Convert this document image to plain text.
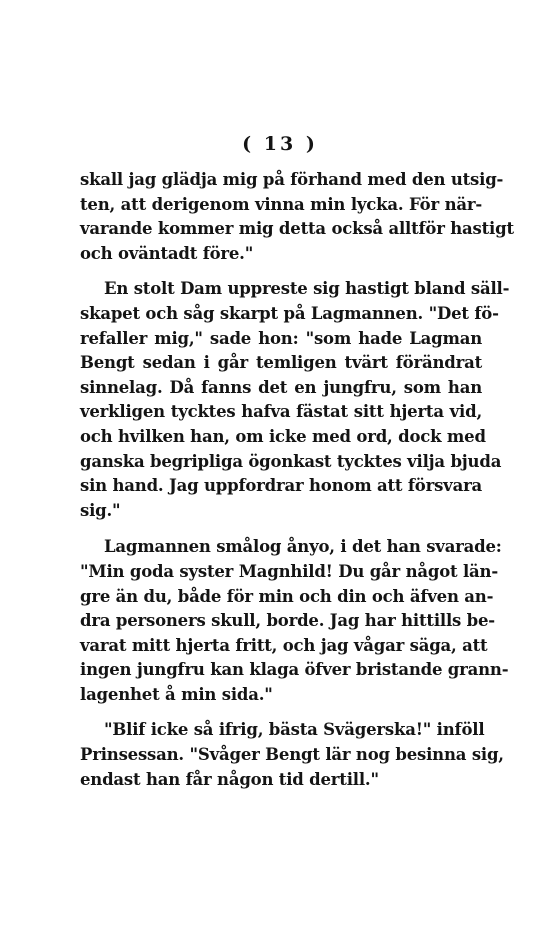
( 13 )

skall jag glädja mig på förhand med den utsig-
ten, att derigenom vinna min lycka. För när-
varande kommer mig detta också alltför hastigt
och oväntadt före."

En stolt Dam uppreste sig hastigt bland säll-
skapet och såg skarpt på Lagmannen. "Det fö-
refaller mig," sade hon: "som hade Lagman
Bengt sedan i går temligen tvärt förändrat
sinnelag. Då fanns det en jungfru, som han
verkligen tycktes hafva fästat sitt hjerta vid,
och hvilken han, om icke med ord, dock med
ganska begripliga ögonkast tycktes vilja bjuda
sin hand. Jag uppfordrar honom att försvara
sig."

Lagmannen smålog ånyo, i det han svarade:
"Min goda syster Magnhild! Du går något län-
gre än du, både för min och din och äfven an-
dra personers skull, borde. Jag har hittills be-
varat mitt hjerta fritt, och jag vågar säga, att
ingen jungfru kan klaga öfver bristande grann-
lagenhet å min sida."

"Blif icke så ifrig, bästa Svägerska!" inföll
Prinsessan. "Svåger Bengt lär nog besinna sig,
endast han får någon tid dertill."
